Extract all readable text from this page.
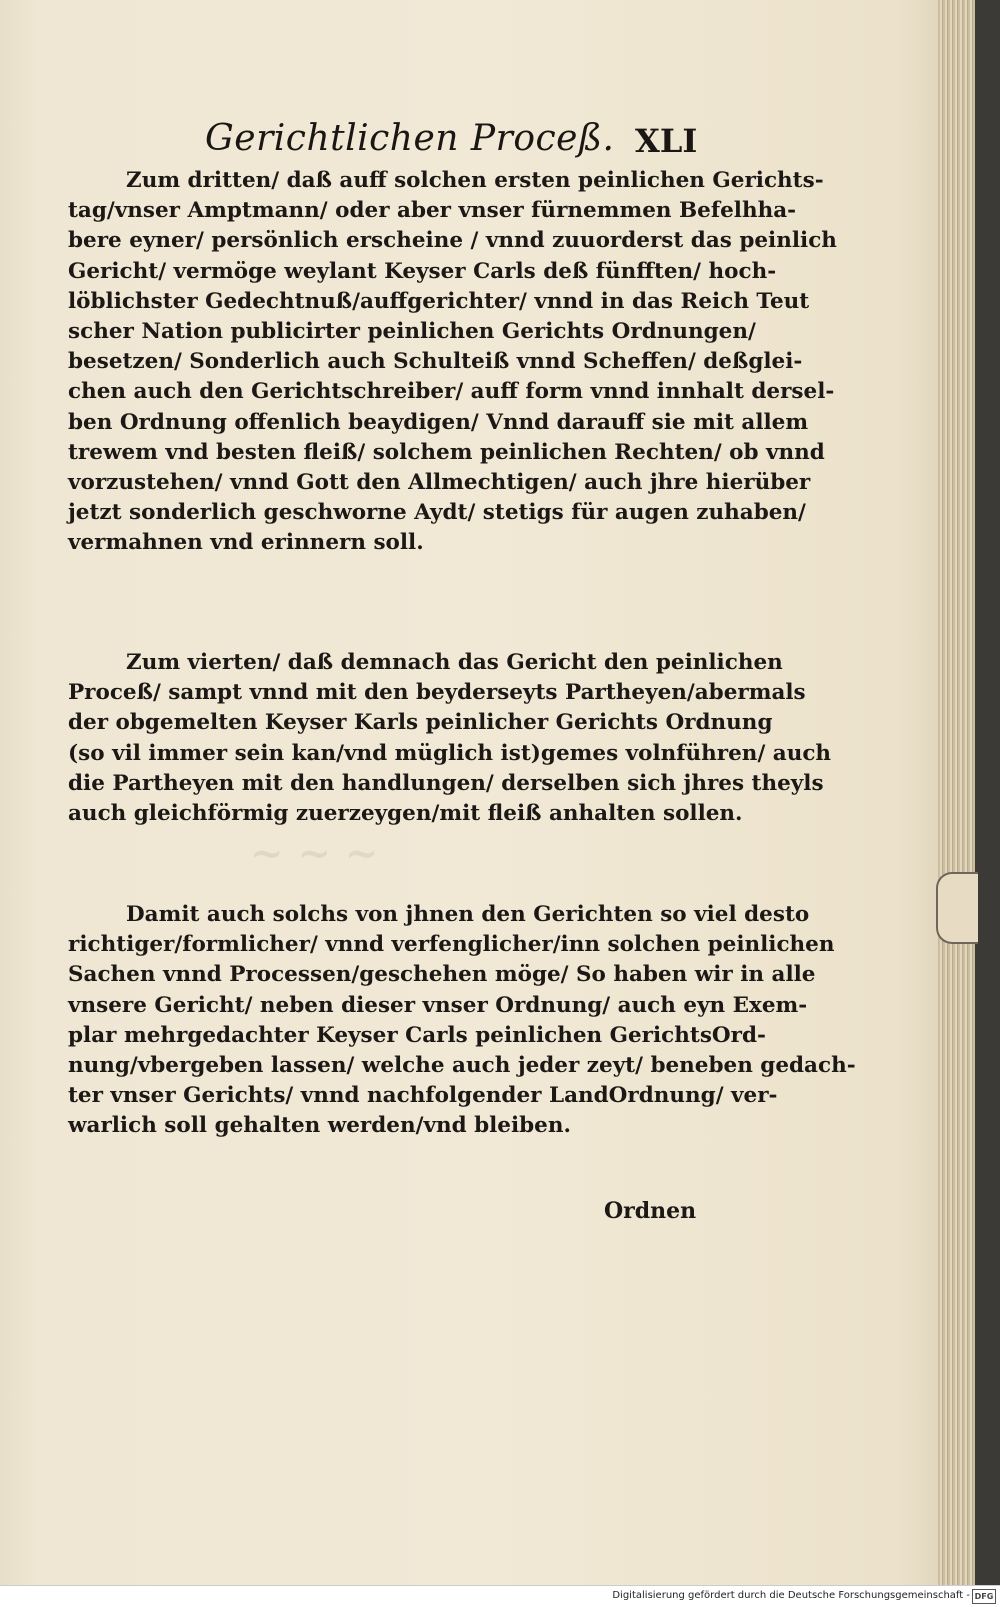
~ ~ ~
Gerichtlichen Proceß. XLI
Zum dritten/ daß auff solchen ersten peinlichen Gerichts-
tag/vnser Amptmann/ oder aber vnser fürnemmen Befelhha-
bere eyner/ persönlich erscheine / vnnd zuuorderst das peinlich
Gericht/ vermöge weylant Keyser Carls deß fünfften/ hoch-
löblichster Gedechtnuß/auffgerichter/ vnnd in das Reich Teut
scher Nation publicirter peinlichen Gerichts Ordnungen/
besetzen/ Sonderlich auch Schulteiß vnnd Scheffen/ deßglei-
chen auch den Gerichtschreiber/ auff form vnnd innhalt dersel-
ben Ordnung offenlich beaydigen/ Vnnd darauff sie mit allem
trewem vnd besten fleiß/ solchem peinlichen Rechten/ ob vnnd
vorzustehen/ vnnd Gott den Allmechtigen/ auch jhre hierüber
jetzt sonderlich geschworne Aydt/ stetigs für augen zuhaben/
vermahnen vnd erinnern soll.
Zum vierten/ daß demnach das Gericht den peinlichen
Proceß/ sampt vnnd mit den beyderseyts Partheyen/abermals
der obgemelten Keyser Karls peinlicher Gerichts Ordnung
(so vil immer sein kan/vnd müglich ist)gemes volnführen/ auch
die Partheyen mit den handlungen/ derselben sich jhres theyls
auch gleichförmig zuerzeygen/mit fleiß anhalten sollen.
Damit auch solchs von jhnen den Gerichten so viel desto
richtiger/formlicher/ vnnd verfenglicher/inn solchen peinlichen
Sachen vnnd Processen/geschehen möge/ So haben wir in alle
vnsere Gericht/ neben dieser vnser Ordnung/ auch eyn Exem-
plar mehrgedachter Keyser Carls peinlichen GerichtsOrd-
nung/vbergeben lassen/ welche auch jeder zeyt/ beneben gedach-
ter vnser Gerichts/ vnnd nachfolgender LandOrdnung/ ver-
warlich soll gehalten werden/vnd bleiben.
Ordnen
Digitalisierung gefördert durch die Deutsche Forschungsgemeinschaft - DFG
